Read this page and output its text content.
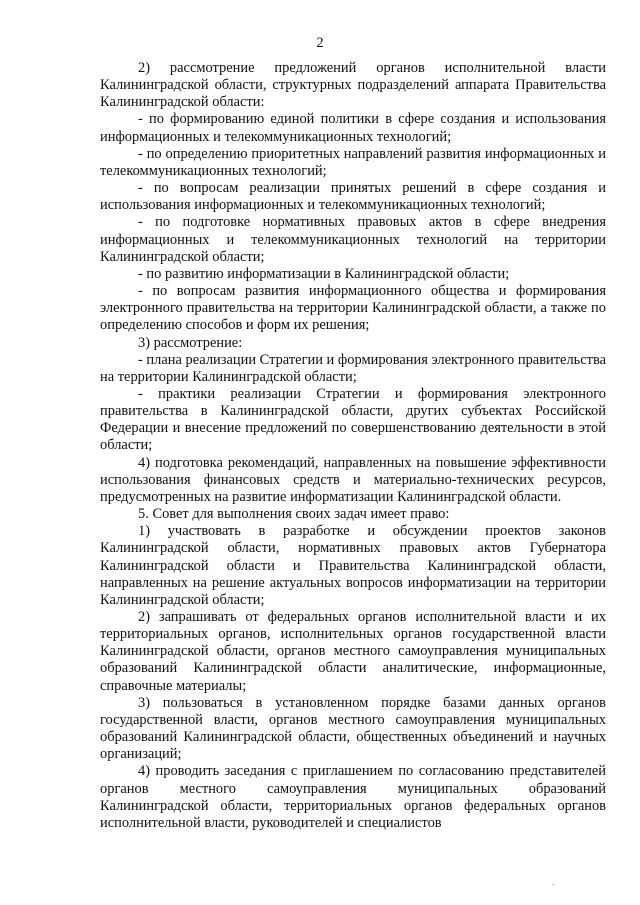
2

2) рассмотрение предложений органов исполнительной власти Калининградской области, структурных подразделений аппарата Правительства Калининградской области:

- по формированию единой политики в сфере создания и использования информационных и телекоммуникационных технологий;

- по определению приоритетных направлений развития информационных и телекоммуникационных технологий;

- по вопросам реализации принятых решений в сфере создания и использования информационных и телекоммуникационных технологий;

- по подготовке нормативных правовых актов в сфере внедрения информационных и телекоммуникационных технологий на территории Калининградской области;

- по развитию информатизации в Калининградской области;

- по вопросам развития информационного общества и формирования электронного правительства на территории Калининградской области, а также по определению способов и форм их решения;

3) рассмотрение:

- плана реализации Стратегии и формирования электронного правительства на территории Калининградской области;

- практики реализации Стратегии и формирования электронного правительства в Калининградской области, других субъектах Российской Федерации и внесение предложений по совершенствованию деятельности в этой области;

4) подготовка рекомендаций, направленных на повышение эффективности использования финансовых средств и материально-технических ресурсов, предусмотренных на развитие информатизации Калининградской области.

5. Совет для выполнения своих задач имеет право:

1) участвовать в разработке и обсуждении проектов законов Калининградской области, нормативных правовых актов Губернатора Калининградской области и Правительства Калининградской области, направленных на решение актуальных вопросов информатизации на территории Калининградской области;

2) запрашивать от федеральных органов исполнительной власти и их территориальных органов, исполнительных органов государственной власти Калининградской области, органов местного самоуправления муниципальных образований Калининградской области аналитические, информационные, справочные материалы;

3) пользоваться в установленном порядке базами данных органов государственной власти, органов местного самоуправления муниципальных образований Калининградской области, общественных объединений и научных организаций;

4) проводить заседания с приглашением по согласованию представителей органов местного самоуправления муниципальных образований Калининградской области, территориальных органов федеральных органов исполнительной власти, руководителей и специалистов

.
